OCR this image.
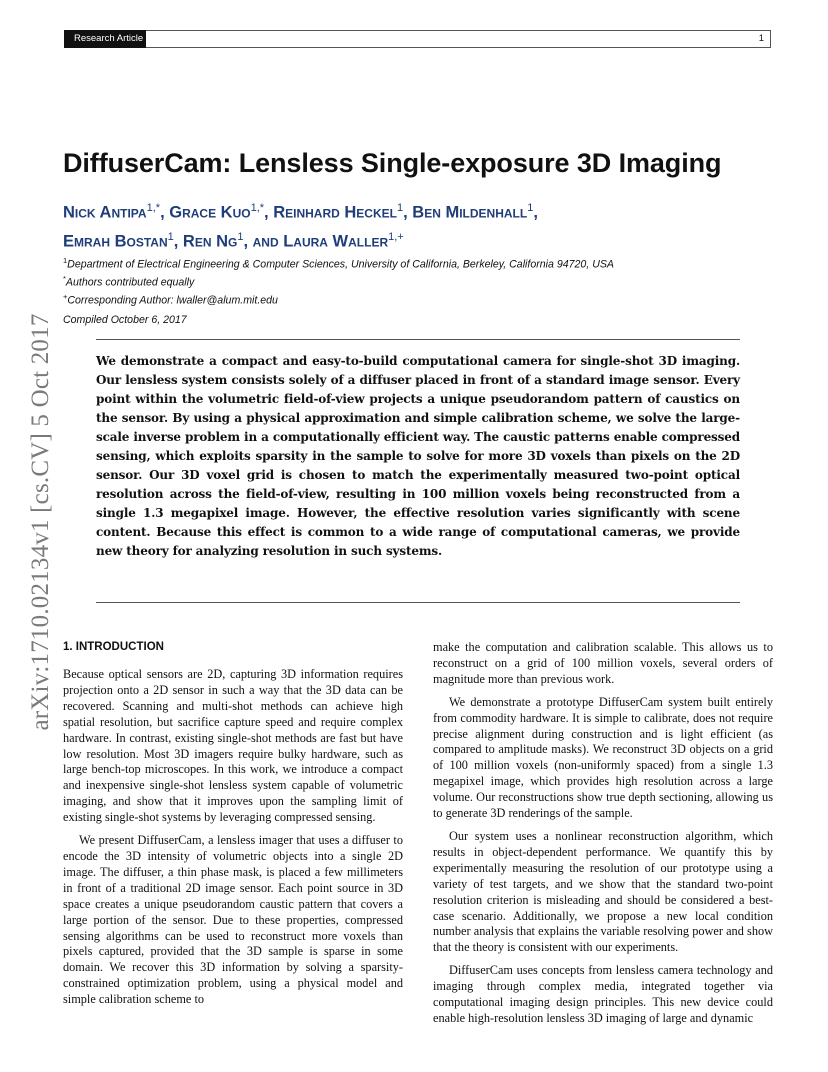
Research Article	1
arXiv:1710.02134v1 [cs.CV] 5 Oct 2017
DiffuserCam: Lensless Single-exposure 3D Imaging
Nick Antipa$^{1,*}$, Grace Kuo$^{1,*}$, Reinhard Heckel$^1$, Ben Mildenhall$^1$,
Emrah Bostan$^1$, Ren Ng$^1$, and Laura Waller$^{1,+}$
$^1$Department of Electrical Engineering & Computer Sciences, University of California, Berkeley, California 94720, USA
*Authors contributed equally
+Corresponding Author: lwaller@alum.mit.edu
Compiled October 6, 2017
We demonstrate a compact and easy-to-build computational camera for single-shot 3D imaging. Our lensless system consists solely of a diffuser placed in front of a standard image sensor. Every point within the volumetric field-of-view projects a unique pseudorandom pattern of caustics on the sensor. By using a physical approximation and simple calibration scheme, we solve the large-scale inverse problem in a computationally efficient way. The caustic patterns enable compressed sensing, which exploits sparsity in the sample to solve for more 3D voxels than pixels on the 2D sensor. Our 3D voxel grid is chosen to match the experimentally measured two-point optical resolution across the field-of-view, resulting in 100 million voxels being reconstructed from a single 1.3 megapixel image. However, the effective resolution varies significantly with scene content. Because this effect is common to a wide range of computational cameras, we provide new theory for analyzing resolution in such systems.
1. INTRODUCTION

Because optical sensors are 2D, capturing 3D information requires projection onto a 2D sensor in such a way that the 3D data can be recovered. Scanning and multi-shot methods can achieve high spatial resolution, but sacrifice capture speed and require complex hardware. In contrast, existing single-shot methods are fast but have low resolution. Most 3D imagers require bulky hardware, such as large bench-top microscopes. In this work, we introduce a compact and inexpensive single-shot lensless system capable of volumetric imaging, and show that it improves upon the sampling limit of existing single-shot systems by leveraging compressed sensing.

We present DiffuserCam, a lensless imager that uses a diffuser to encode the 3D intensity of volumetric objects into a single 2D image. The diffuser, a thin phase mask, is placed a few millimeters in front of a traditional 2D image sensor. Each point source in 3D space creates a unique pseudorandom caustic pattern that covers a large portion of the sensor. Due to these properties, compressed sensing algorithms can be used to reconstruct more voxels than pixels captured, provided that the 3D sample is sparse in some domain. We recover this 3D information by solving a sparsity-constrained optimization problem, using a physical model and simple calibration scheme to

make the computation and calibration scalable. This allows us to reconstruct on a grid of 100 million voxels, several orders of magnitude more than previous work.

We demonstrate a prototype DiffuserCam system built entirely from commodity hardware. It is simple to calibrate, does not require precise alignment during construction and is light efficient (as compared to amplitude masks). We reconstruct 3D objects on a grid of 100 million voxels (non-uniformly spaced) from a single 1.3 megapixel image, which provides high resolution across a large volume. Our reconstructions show true depth sectioning, allowing us to generate 3D renderings of the sample.

Our system uses a nonlinear reconstruction algorithm, which results in object-dependent performance. We quantify this by experimentally measuring the resolution of our prototype using a variety of test targets, and we show that the standard two-point resolution criterion is misleading and should be considered a best-case scenario. Additionally, we propose a new local condition number analysis that explains the variable resolving power and show that the theory is consistent with our experiments.

DiffuserCam uses concepts from lensless camera technology and imaging through complex media, integrated together via computational imaging design principles. This new device could enable high-resolution lensless 3D imaging of large and dynamic
